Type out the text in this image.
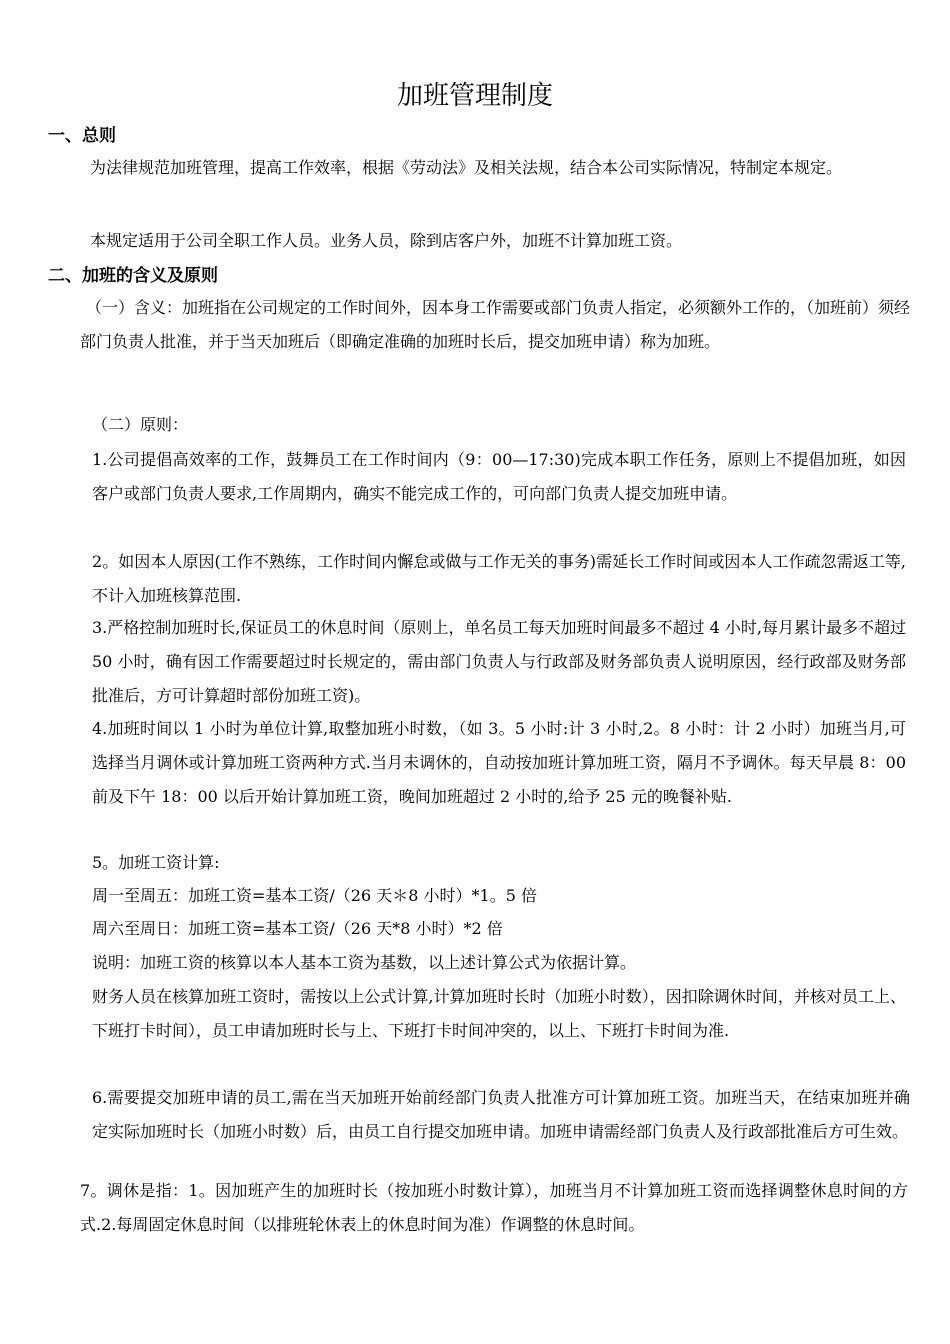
加班管理制度
一、总则

为法律规范加班管理，提高工作效率，根据《劳动法》及相关法规，结合本公司实际情况，特制定本规定。

本规定适用于公司全职工作人员。业务人员，除到店客户外，加班不计算加班工资。

二、加班的含义及原则

（一）含义：加班指在公司规定的工作时间外，因本身工作需要或部门负责人指定，必须额外工作的，（加班前）须经部门负责人批准，并于当天加班后（即确定准确的加班时长后，提交加班申请）称为加班。

（二）原则：

1.公司提倡高效率的工作，鼓舞员工在工作时间内（9：00—17:30)完成本职工作任务，原则上不提倡加班，如因客户或部门负责人要求,工作周期内，确实不能完成工作的，可向部门负责人提交加班申请。

2。如因本人原因(工作不熟练，工作时间内懈怠或做与工作无关的事务)需延长工作时间或因本人工作疏忽需返工等,不计入加班核算范围.

3.严格控制加班时长,保证员工的休息时间（原则上，单名员工每天加班时间最多不超过 4 小时,每月累计最多不超过 50 小时，确有因工作需要超过时长规定的，需由部门负责人与行政部及财务部负责人说明原因，经行政部及财务部批准后，方可计算超时部份加班工资)。

4.加班时间以 1 小时为单位计算,取整加班小时数，（如 3。5 小时:计 3 小时,2。8 小时：计 2 小时）加班当月,可选择当月调休或计算加班工资两种方式.当月未调休的，自动按加班计算加班工资，隔月不予调休。每天早晨 8：00 前及下午 18：00 以后开始计算加班工资，晚间加班超过 2 小时的,给予 25 元的晚餐补贴.

5。加班工资计算:

周一至周五：加班工资=基本工资/（26 天＊8 小时）*1。5 倍

周六至周日：加班工资=基本工资/（26 天*8 小时）*2 倍

说明：加班工资的核算以本人基本工资为基数，以上述计算公式为依据计算。

财务人员在核算加班工资时，需按以上公式计算,计算加班时长时（加班小时数），因扣除调休时间，并核对员工上、下班打卡时间），员工申请加班时长与上、下班打卡时间冲突的，以上、下班打卡时间为准.

6.需要提交加班申请的员工,需在当天加班开始前经部门负责人批准方可计算加班工资。加班当天，在结束加班并确定实际加班时长（加班小时数）后，由员工自行提交加班申请。加班申请需经部门负责人及行政部批准后方可生效。

7。调休是指：1。因加班产生的加班时长（按加班小时数计算），加班当月不计算加班工资而选择调整休息时间的方式.2.每周固定休息时间（以排班轮休表上的休息时间为准）作调整的休息时间。
